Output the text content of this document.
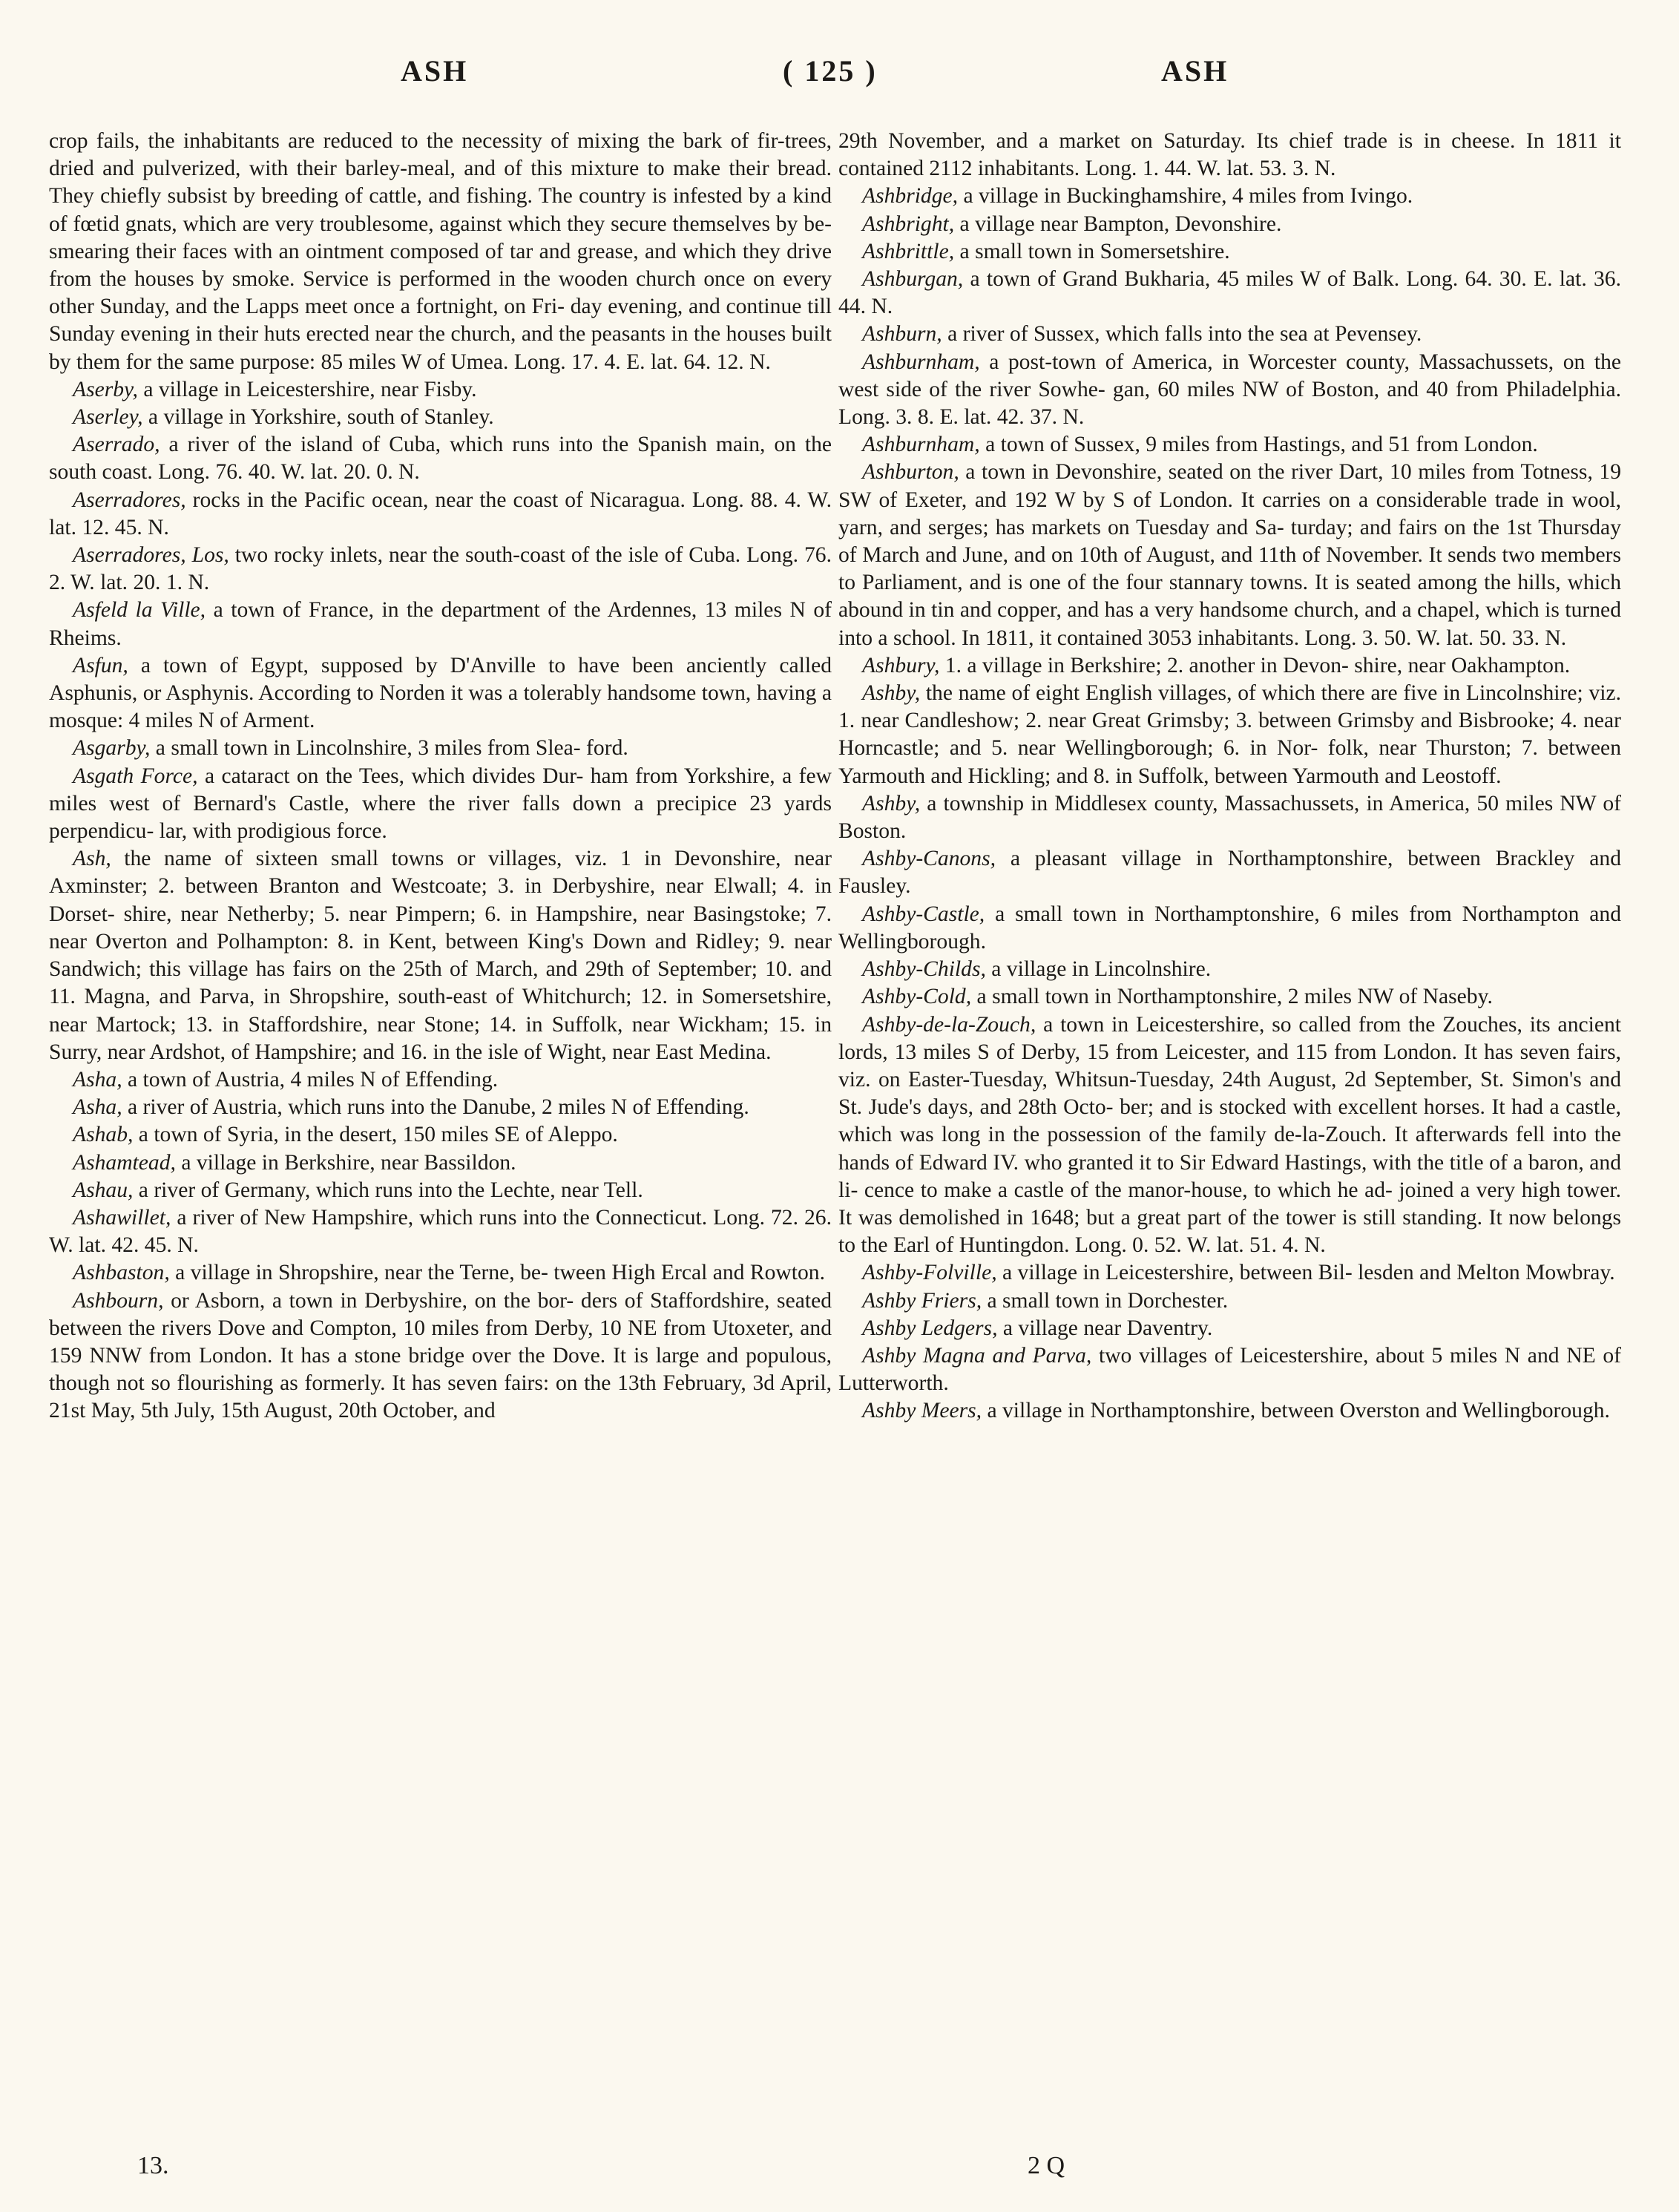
ASH	( 125 )	ASH

crop fails, the inhabitants are reduced to the necessity of mixing the bark of fir-trees, dried and pulverized, with their barley-meal, and of this mixture to make their bread. They chiefly subsist by breeding of cattle, and fishing. The country is infested by a kind of fœtid gnats, which are very troublesome, against which they secure themselves by be- smearing their faces with an ointment composed of tar and grease, and which they drive from the houses by smoke. Service is performed in the wooden church once on every other Sunday, and the Lapps meet once a fortnight, on Fri- day evening, and continue till Sunday evening in their huts erected near the church, and the peasants in the houses built by them for the same purpose: 85 miles W of Umea. Long. 17. 4. E. lat. 64. 12. N.

Aserby, a village in Leicestershire, near Fisby.

Aserley, a village in Yorkshire, south of Stanley.

Aserrado, a river of the island of Cuba, which runs into the Spanish main, on the south coast. Long. 76. 40. W. lat. 20. 0. N.

Aserradores, rocks in the Pacific ocean, near the coast of Nicaragua. Long. 88. 4. W. lat. 12. 45. N.

Aserradores, Los, two rocky inlets, near the south-coast of the isle of Cuba. Long. 76. 2. W. lat. 20. 1. N.

Asfeld la Ville, a town of France, in the department of the Ardennes, 13 miles N of Rheims.

Asfun, a town of Egypt, supposed by D'Anville to have been anciently called Asphunis, or Asphynis. According to Norden it was a tolerably handsome town, having a mosque: 4 miles N of Arment.

Asgarby, a small town in Lincolnshire, 3 miles from Slea- ford.

Asgath Force, a cataract on the Tees, which divides Dur- ham from Yorkshire, a few miles west of Bernard's Castle, where the river falls down a precipice 23 yards perpendicu- lar, with prodigious force.

Ash, the name of sixteen small towns or villages, viz. 1 in Devonshire, near Axminster; 2. between Branton and Westcoate; 3. in Derbyshire, near Elwall; 4. in Dorset- shire, near Netherby; 5. near Pimpern; 6. in Hampshire, near Basingstoke; 7. near Overton and Polhampton: 8. in Kent, between King's Down and Ridley; 9. near Sandwich; this village has fairs on the 25th of March, and 29th of September; 10. and 11. Magna, and Parva, in Shropshire, south-east of Whitchurch; 12. in Somersetshire, near Martock; 13. in Staffordshire, near Stone; 14. in Suffolk, near Wickham; 15. in Surry, near Ardshot, of Hampshire; and 16. in the isle of Wight, near East Medina.

Asha, a town of Austria, 4 miles N of Effending.

Asha, a river of Austria, which runs into the Danube, 2 miles N of Effending.

Ashab, a town of Syria, in the desert, 150 miles SE of Aleppo.

Ashamtead, a village in Berkshire, near Bassildon.

Ashau, a river of Germany, which runs into the Lechte, near Tell.

Ashawillet, a river of New Hampshire, which runs into the Connecticut. Long. 72. 26. W. lat. 42. 45. N.

Ashbaston, a village in Shropshire, near the Terne, be- tween High Ercal and Rowton.

Ashbourn, or Asborn, a town in Derbyshire, on the bor- ders of Staffordshire, seated between the rivers Dove and Compton, 10 miles from Derby, 10 NE from Utoxeter, and 159 NNW from London. It has a stone bridge over the Dove. It is large and populous, though not so flourishing as formerly. It has seven fairs: on the 13th February, 3d April, 21st May, 5th July, 15th August, 20th October, and

29th November, and a market on Saturday. Its chief trade is in cheese. In 1811 it contained 2112 inhabitants. Long. 1. 44. W. lat. 53. 3. N.

Ashbridge, a village in Buckinghamshire, 4 miles from Ivingo.

Ashbright, a village near Bampton, Devonshire.

Ashbrittle, a small town in Somersetshire.

Ashburgan, a town of Grand Bukharia, 45 miles W of Balk. Long. 64. 30. E. lat. 36. 44. N.

Ashburn, a river of Sussex, which falls into the sea at Pevensey.

Ashburnham, a post-town of America, in Worcester county, Massachussets, on the west side of the river Sowhe- gan, 60 miles NW of Boston, and 40 from Philadelphia. Long. 3. 8. E. lat. 42. 37. N.

Ashburnham, a town of Sussex, 9 miles from Hastings, and 51 from London.

Ashburton, a town in Devonshire, seated on the river Dart, 10 miles from Totness, 19 SW of Exeter, and 192 W by S of London. It carries on a considerable trade in wool, yarn, and serges; has markets on Tuesday and Sa- turday; and fairs on the 1st Thursday of March and June, and on 10th of August, and 11th of November. It sends two members to Parliament, and is one of the four stannary towns. It is seated among the hills, which abound in tin and copper, and has a very handsome church, and a chapel, which is turned into a school. In 1811, it contained 3053 inhabitants. Long. 3. 50. W. lat. 50. 33. N.

Ashbury, 1. a village in Berkshire; 2. another in Devon- shire, near Oakhampton.

Ashby, the name of eight English villages, of which there are five in Lincolnshire; viz. 1. near Candleshow; 2. near Great Grimsby; 3. between Grimsby and Bisbrooke; 4. near Horncastle; and 5. near Wellingborough; 6. in Nor- folk, near Thurston; 7. between Yarmouth and Hickling; and 8. in Suffolk, between Yarmouth and Leostoff.

Ashby, a township in Middlesex county, Massachussets, in America, 50 miles NW of Boston.

Ashby-Canons, a pleasant village in Northamptonshire, between Brackley and Fausley.

Ashby-Castle, a small town in Northamptonshire, 6 miles from Northampton and Wellingborough.

Ashby-Childs, a village in Lincolnshire.

Ashby-Cold, a small town in Northamptonshire, 2 miles NW of Naseby.

Ashby-de-la-Zouch, a town in Leicestershire, so called from the Zouches, its ancient lords, 13 miles S of Derby, 15 from Leicester, and 115 from London. It has seven fairs, viz. on Easter-Tuesday, Whitsun-Tuesday, 24th August, 2d September, St. Simon's and St. Jude's days, and 28th Octo- ber; and is stocked with excellent horses. It had a castle, which was long in the possession of the family de-la-Zouch. It afterwards fell into the hands of Edward IV. who granted it to Sir Edward Hastings, with the title of a baron, and li- cence to make a castle of the manor-house, to which he ad- joined a very high tower. It was demolished in 1648; but a great part of the tower is still standing. It now belongs to the Earl of Huntingdon. Long. 0. 52. W. lat. 51. 4. N.

Ashby-Folville, a village in Leicestershire, between Bil- lesden and Melton Mowbray.

Ashby Friers, a small town in Dorchester.

Ashby Ledgers, a village near Daventry.

Ashby Magna and Parva, two villages of Leicestershire, about 5 miles N and NE of Lutterworth.

Ashby Meers, a village in Northamptonshire, between Overston and Wellingborough.

13.	2 Q
